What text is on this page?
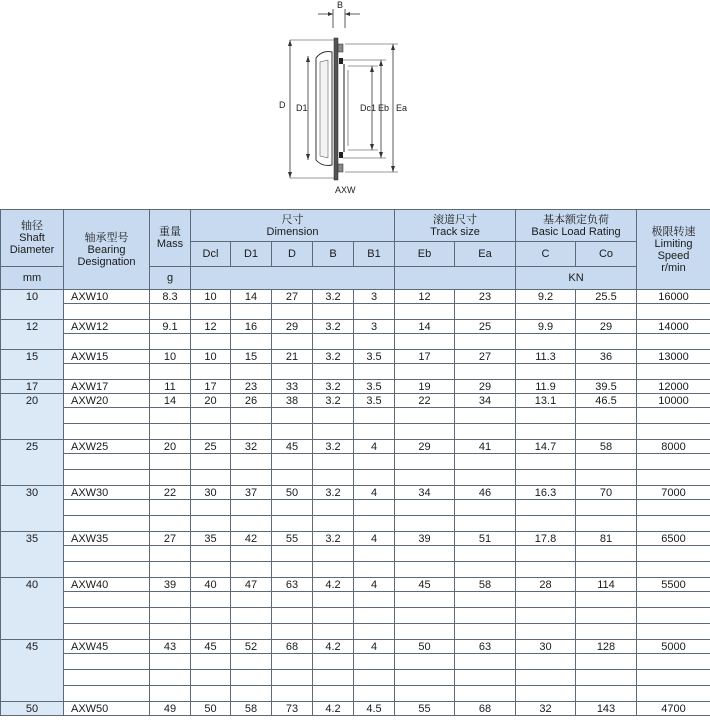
B
D D1	Dc1 Eb Ea
AXW
轴径
Shaft
Diameter	轴承型号
Bearing
Designation	重量
Mass	尺寸
Dimension					滚道尺寸
Track size		基本额定负荷
Basic Load Rating		极限转速
Limiting
Speed
r/min

			Dcl	D1	D	B	B1	Eb	Ea	C	Co	
mm		g								KN		
10	AXW10	8.3	10	14	27	3.2	3	12	23	9.2	25.5	16000

12	AXW12	9.1	12	16	29	3.2	3	14	25	9.9	29	14000

15	AXW15	10	10	15	21	3.2	3.5	17	27	11.3	36	13000

17	AXW17	11	17	23	33	3.2	3.5	19	29	11.9	39.5	12000
20	AXW20	14	20	26	38	3.2	3.5	22	34	13.1	46.5	10000

25	AXW25	20	25	32	45	3.2	4	29	41	14.7	58	8000

30	AXW30	22	30	37	50	3.2	4	34	46	16.3	70	7000

35	AXW35	27	35	42	55	3.2	4	39	51	17.8	81	6500

40	AXW40	39	40	47	63	4.2	4	45	58	28	114	5500

45	AXW45	43	45	52	68	4.2	4	50	63	30	128	5000

50	AXW50	49	50	58	73	4.2	4.5	55	68	32	143	4700
